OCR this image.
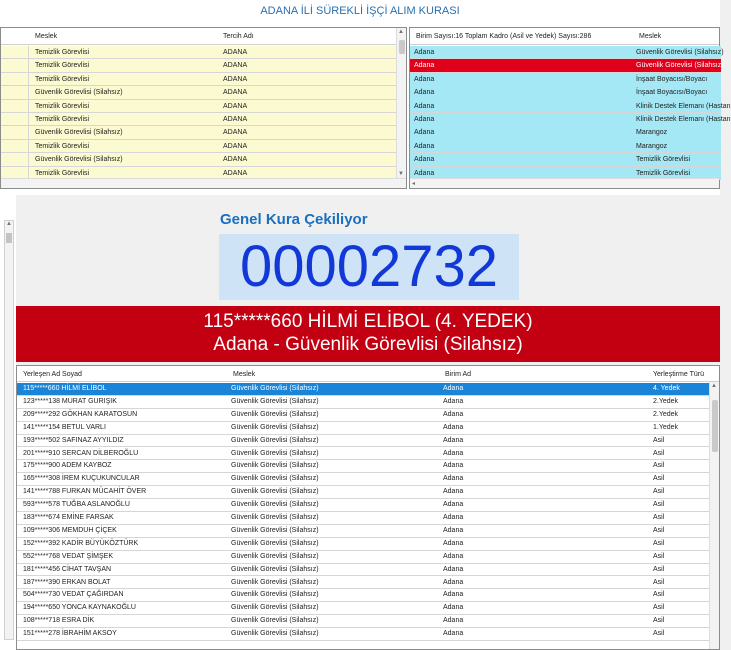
ADANA İLİ SÜREKLİ İŞÇİ ALIM KURASI
Meslek	Tercih Adı
Temizlik Görevlisi	ADANA
Temizlik Görevlisi	ADANA
Temizlik Görevlisi	ADANA
Güvenlik Görevlisi (Silahsız)	ADANA
Temizlik Görevlisi	ADANA
Temizlik Görevlisi	ADANA
Güvenlik Görevlisi (Silahsız)	ADANA
Temizlik Görevlisi	ADANA
Güvenlik Görevlisi (Silahsız)	ADANA
Temizlik Görevlisi	ADANA
▲
▼
Birim Sayısı:16 Toplam Kadro (Asil ve Yedek) Sayısı:286	Meslek
Adana	Güvenlik Görevlisi (Silahsız)
Adana	Güvenlik Görevlisi (Silahsız)
Adana	İnşaat Boyacısı/Boyacı
Adana	İnşaat Boyacısı/Boyacı
Adana	Klinik Destek Elemanı (Hastan
Adana	Klinik Destek Elemanı (Hastan
Adana	Marangoz
Adana	Marangoz
Adana	Temizlik Görevlisi
Adana	Temizlik Görevlisi
◂
▲	Genel Kura Çekiliyor
00002732
115*****660 HİLMİ ELİBOL (4. YEDEK)
Adana - Güvenlik Görevlisi (Silahsız)
Yerleşen Ad Soyad	Meslek	Birim Ad	Yerleştirme Türü
115*****660 HİLMİ ELİBOL	Güvenlik Görevlisi (Silahsız)	Adana	4. Yedek
123*****138 MURAT GURIŞIK	Güvenlik Görevlisi (Silahsız)	Adana	2.Yedek
209*****292 GÖKHAN KARATOSUN	Güvenlik Görevlisi (Silahsız)	Adana	2.Yedek
141*****154 BETUL VARLI	Güvenlik Görevlisi (Silahsız)	Adana	1.Yedek
193*****502 SAFINAZ AYYILDIZ	Güvenlik Görevlisi (Silahsız)	Adana	Asil
201*****910 SERCAN DİLBEROĞLU	Güvenlik Görevlisi (Silahsız)	Adana	Asil
175*****900 ADEM KAYBOZ	Güvenlik Görevlisi (Silahsız)	Adana	Asil
165*****308 İREM KUÇUKUNCULAR	Güvenlik Görevlisi (Silahsız)	Adana	Asil
141*****788 FURKAN MÜCAHİT ÖVER	Güvenlik Görevlisi (Silahsız)	Adana	Asil
593*****578 TUĞBA ASLANOĞLU	Güvenlik Görevlisi (Silahsız)	Adana	Asil
183*****674 EMİNE FARSAK	Güvenlik Görevlisi (Silahsız)	Adana	Asil
109*****306 MEMDUH ÇİÇEK	Güvenlik Görevlisi (Silahsız)	Adana	Asil
152*****392 KADİR BÜYÜKÖZTÜRK	Güvenlik Görevlisi (Silahsız)	Adana	Asil
552*****768 VEDAT ŞİMŞEK	Güvenlik Görevlisi (Silahsız)	Adana	Asil
181*****456 CİHAT TAVŞAN	Güvenlik Görevlisi (Silahsız)	Adana	Asil
187*****390 ERKAN BOLAT	Güvenlik Görevlisi (Silahsız)	Adana	Asil
504*****730 VEDAT ÇAĞIRDAN	Güvenlik Görevlisi (Silahsız)	Adana	Asil
194*****650 YONCA KAYNAKOĞLU	Güvenlik Görevlisi (Silahsız)	Adana	Asil
108*****718 ESRA DİK	Güvenlik Görevlisi (Silahsız)	Adana	Asil
151*****278 İBRAHİM AKSOY	Güvenlik Görevlisi (Silahsız)	Adana	Asil
▲
